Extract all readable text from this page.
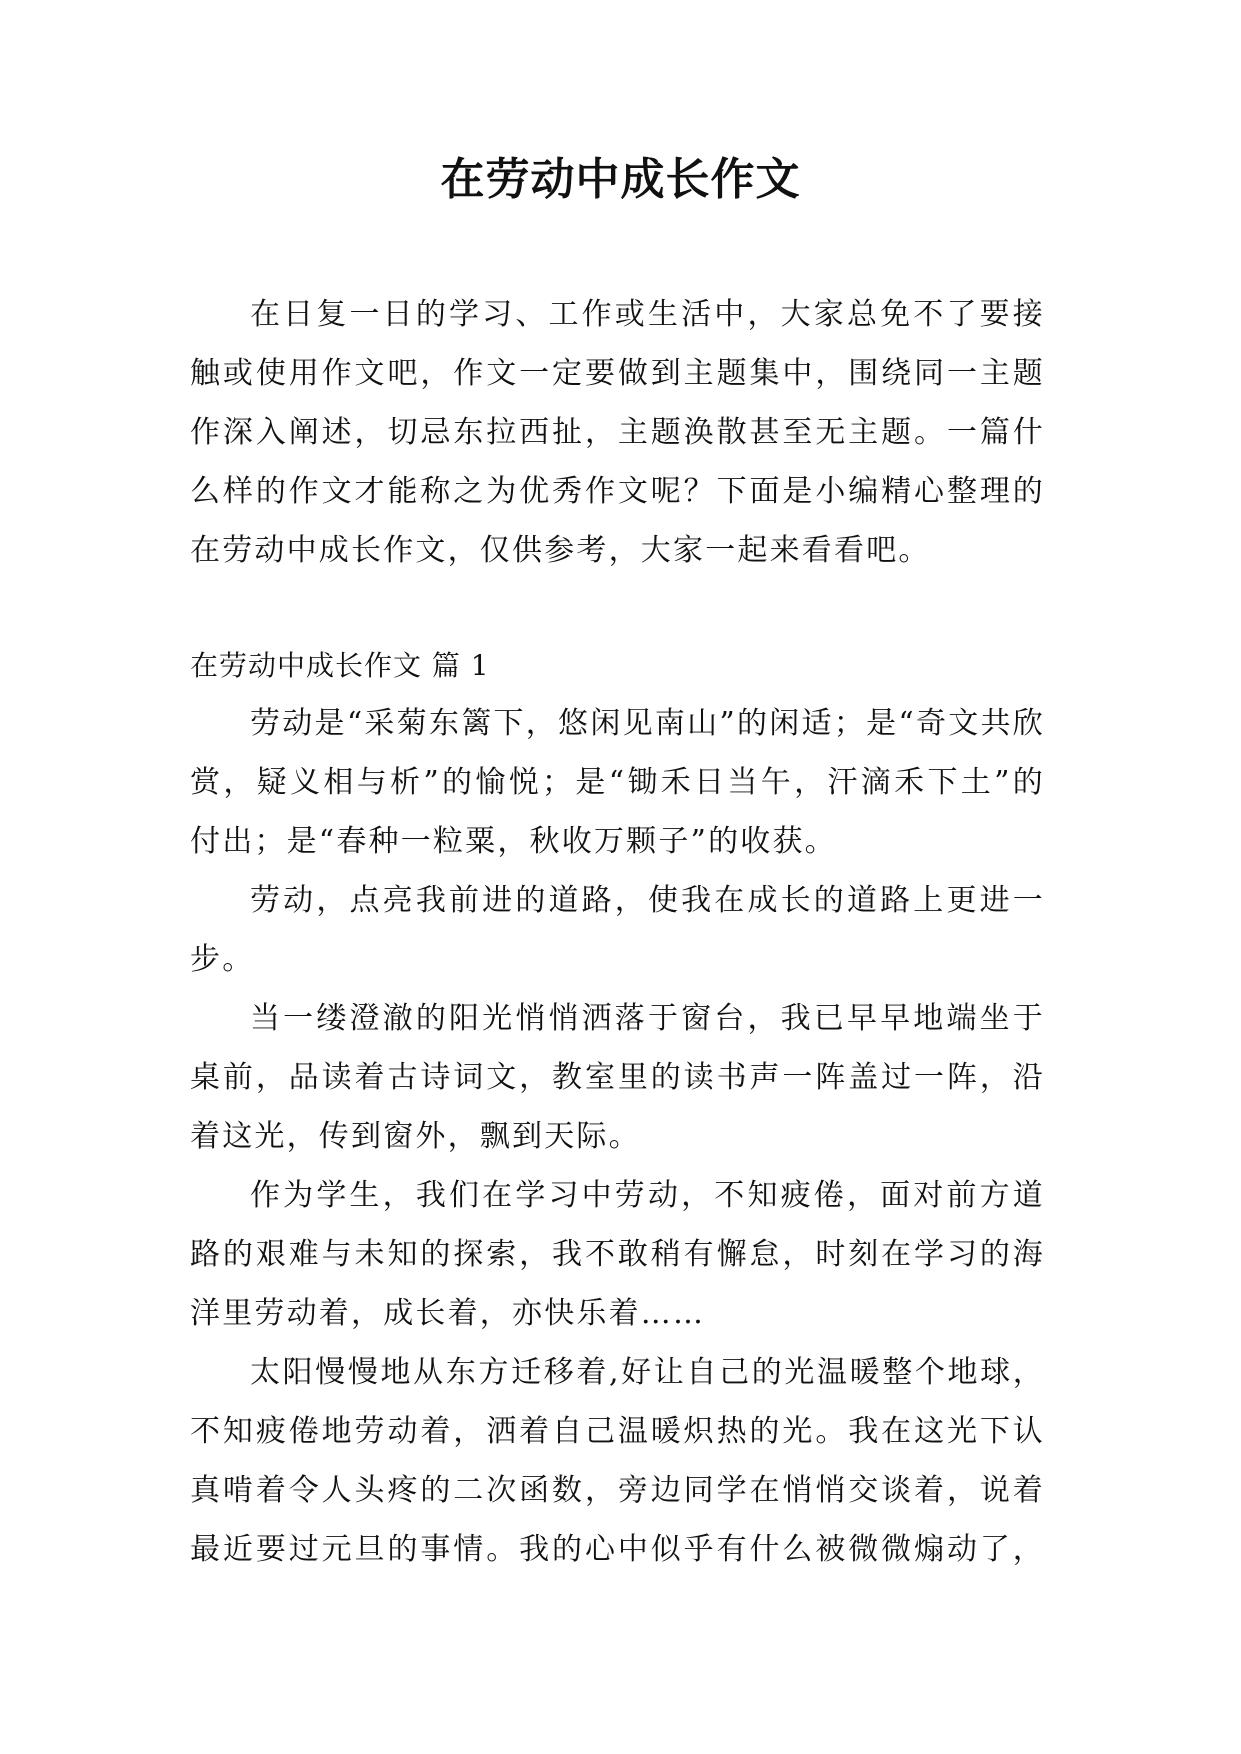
在劳动中成长作文

在日复一日的学习、工作或生活中，大家总免不了要接触或使用作文吧，作文一定要做到主题集中，围绕同一主题作深入阐述，切忌东拉西扯，主题涣散甚至无主题。一篇什么样的作文才能称之为优秀作文呢？下面是小编精心整理的在劳动中成长作文，仅供参考，大家一起来看看吧。

在劳动中成长作文 篇 1

劳动是“采菊东篱下，悠闲见南山”的闲适；是“奇文共欣赏，疑义相与析”的愉悦；是“锄禾日当午，汗滴禾下土”的付出；是“春种一粒粟，秋收万颗子”的收获。

劳动，点亮我前进的道路，使我在成长的道路上更进一步。

当一缕澄澈的阳光悄悄洒落于窗台，我已早早地端坐于桌前，品读着古诗词文，教室里的读书声一阵盖过一阵，沿着这光，传到窗外，飘到天际。

作为学生，我们在学习中劳动，不知疲倦，面对前方道路的艰难与未知的探索，我不敢稍有懈怠，时刻在学习的海洋里劳动着，成长着，亦快乐着……

太阳慢慢地从东方迁移着,好让自己的光温暖整个地球，不知疲倦地劳动着，洒着自己温暖炽热的光。我在这光下认真啃着令人头疼的二次函数，旁边同学在悄悄交谈着，说着最近要过元旦的事情。我的心中似乎有什么被微微煽动了，
